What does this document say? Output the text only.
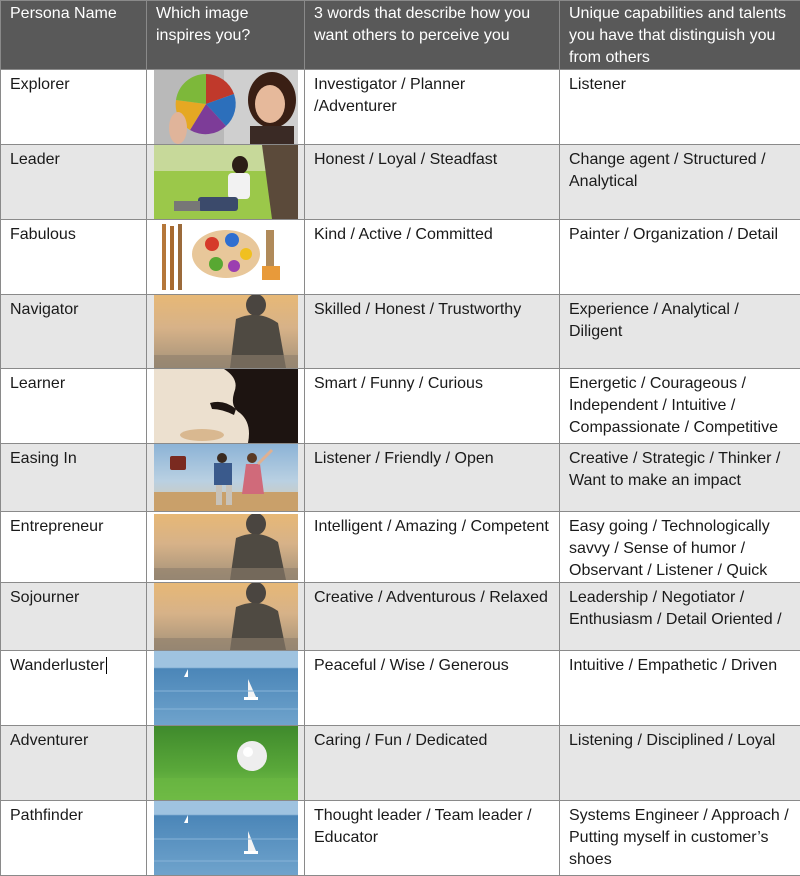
Persona Name	Which image inspires you?	3 words that describe how you want others to perceive you	Unique capabilities and talents you have that distinguish you from others
Explorer		Investigator / Planner /Adventurer	Listener
Leader		Honest / Loyal / Steadfast	Change agent / Structured / Analytical
Fabulous		Kind / Active / Committed	Painter / Organization / Detail
Navigator		Skilled / Honest / Trustworthy	Experience / Analytical / Diligent
Learner		Smart / Funny / Curious	Energetic / Courageous / Independent / Intuitive / Compassionate / Competitive
Easing In		Listener / Friendly / Open	Creative / Strategic / Thinker / Want to make an impact
Entrepreneur		Intelligent / Amazing / Competent	Easy going / Technologically savvy / Sense of humor / Observant / Listener / Quick
Sojourner		Creative / Adventurous / Relaxed	Leadership / Negotiator / Enthusiasm / Detail Oriented /
Wanderluster		Peaceful / Wise / Generous	Intuitive / Empathetic / Driven
Adventurer		Caring / Fun / Dedicated	Listening / Disciplined / Loyal
Pathfinder		Thought leader / Team leader / Educator	Systems Engineer / Approach / Putting myself in customer’s shoes
